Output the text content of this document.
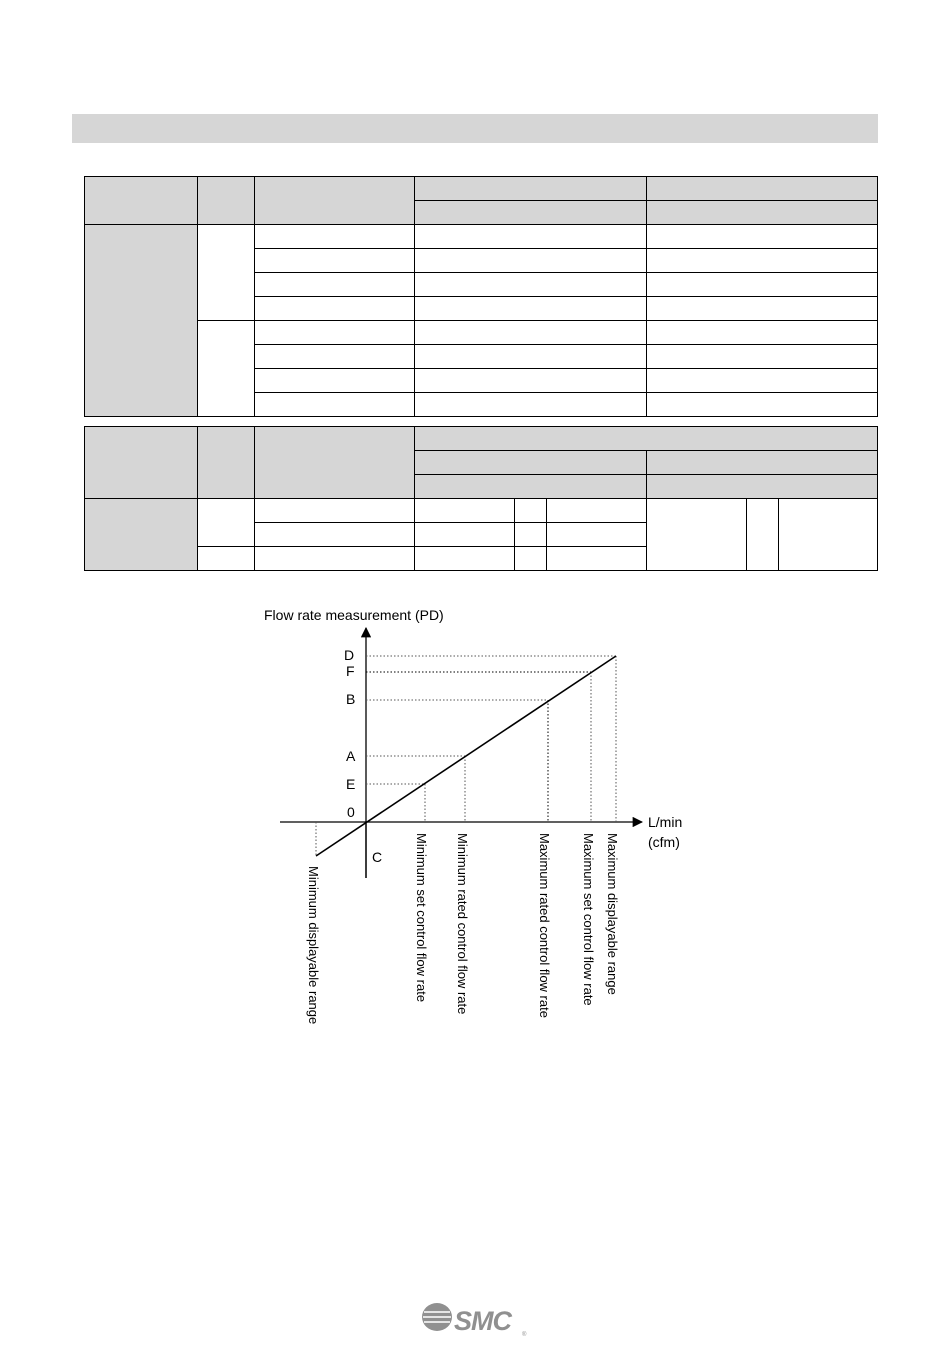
Flow rate measurement (PD)
L/min
(cfm)
D
F
B
A
E
0
C
Minimum displayable range	Minimum set control flow rate Minimum rated control flow rate	Maximum rated control flow rate Maximum set control flow rate Maximum displayable range
SMC ®
